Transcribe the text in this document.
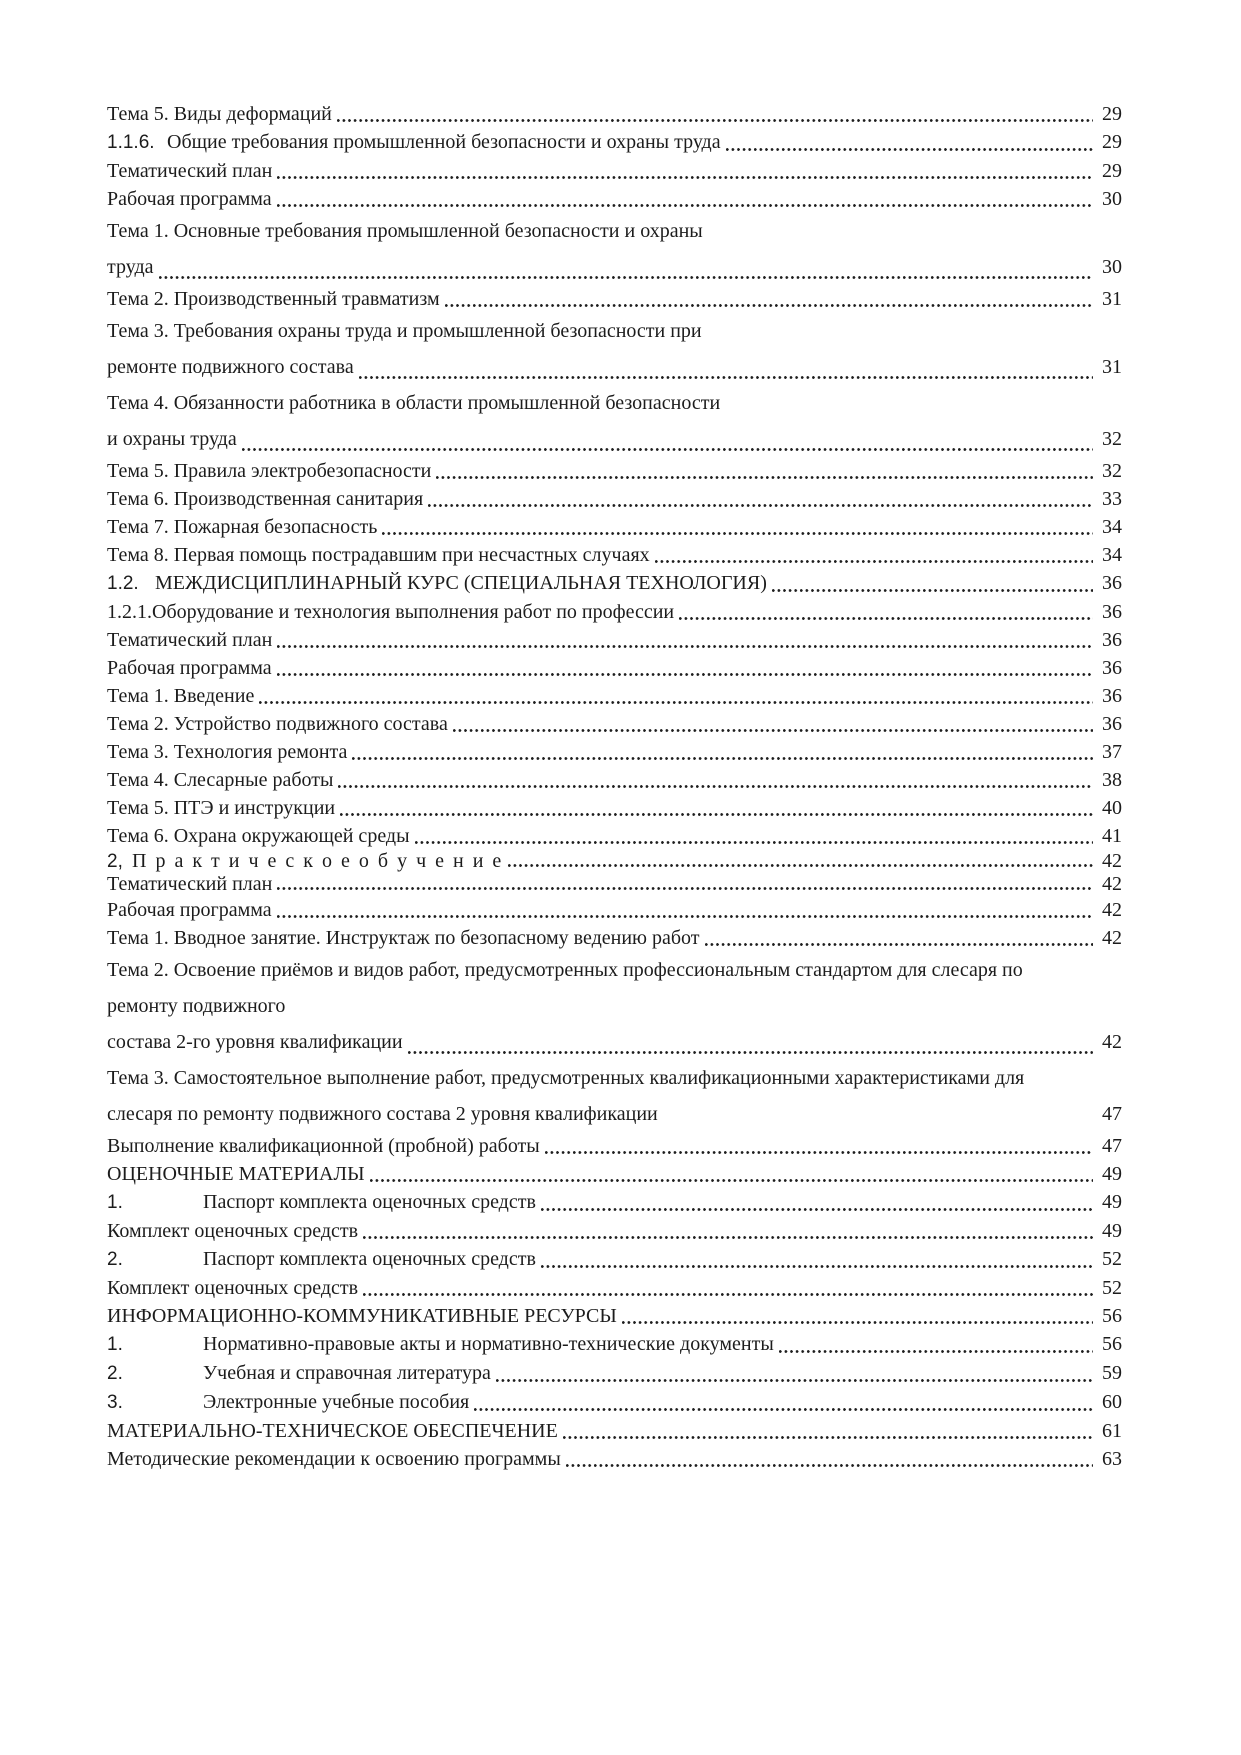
Тема 5. Виды деформаций	29
1.1.6. Общие требования промышленной безопасности и охраны труда	29
Тематический план	29
Рабочая программа	30
Тема 1. Основные требования промышленной безопасности и охраны
труда	30
Тема 2. Производственный травматизм	31
Тема 3. Требования охраны труда и промышленной безопасности при
ремонте подвижного состава	31
Тема 4. Обязанности работника в области промышленной безопасности
и охраны труда	32
Тема 5. Правила электробезопасности	32
Тема 6. Производственная санитария	33
Тема 7. Пожарная безопасность	34
Тема 8. Первая помощь пострадавшим при несчастных случаях	34
1.2. МЕЖДИСЦИПЛИНАРНЫЙ КУРС (СПЕЦИАЛЬНАЯ ТЕХНОЛОГИЯ)	36
1.2.1.Оборудование и технология выполнения работ по профессии	36
Тематический план	36
Рабочая программа	36
Тема 1. Введение	36
Тема 2. Устройство подвижного состава	36
Тема 3. Технология ремонта	37
Тема 4. Слесарные работы	38
Тема 5. ПТЭ и инструкции	40
Тема 6. Охрана окружающей среды	41
2, П р а к т и ч е с к о е о б у ч е н и е	42
Тематический план	42
Рабочая программа	42
Тема 1. Вводное занятие. Инструктаж по безопасному ведению работ	42
Тема 2. Освоение приёмов и видов работ, предусмотренных профессиональным стандартом для слесаря по
ремонту подвижного
состава 2-го уровня квалификации	42
Тема 3. Самостоятельное выполнение работ, предусмотренных квалификационными характеристиками для
слесаря по ремонту подвижного состава 2 уровня квалификации	47
Выполнение квалификационной (пробной) работы	47
ОЦЕНОЧНЫЕ МАТЕРИАЛЫ	49
1.	Паспорт комплекта оценочных средств	49
Комплект оценочных средств	49
2.	Паспорт комплекта оценочных средств	52
Комплект оценочных средств	52
ИНФОРМАЦИОННО-КОММУНИКАТИВНЫЕ РЕСУРСЫ	56
1.	Нормативно-правовые акты и нормативно-технические документы	56
2.	Учебная и справочная литература	59
3.	Электронные учебные пособия	60
МАТЕРИАЛЬНО-ТЕХНИЧЕСКОЕ ОБЕСПЕЧЕНИЕ	61
Методические рекомендации к освоению программы	63
